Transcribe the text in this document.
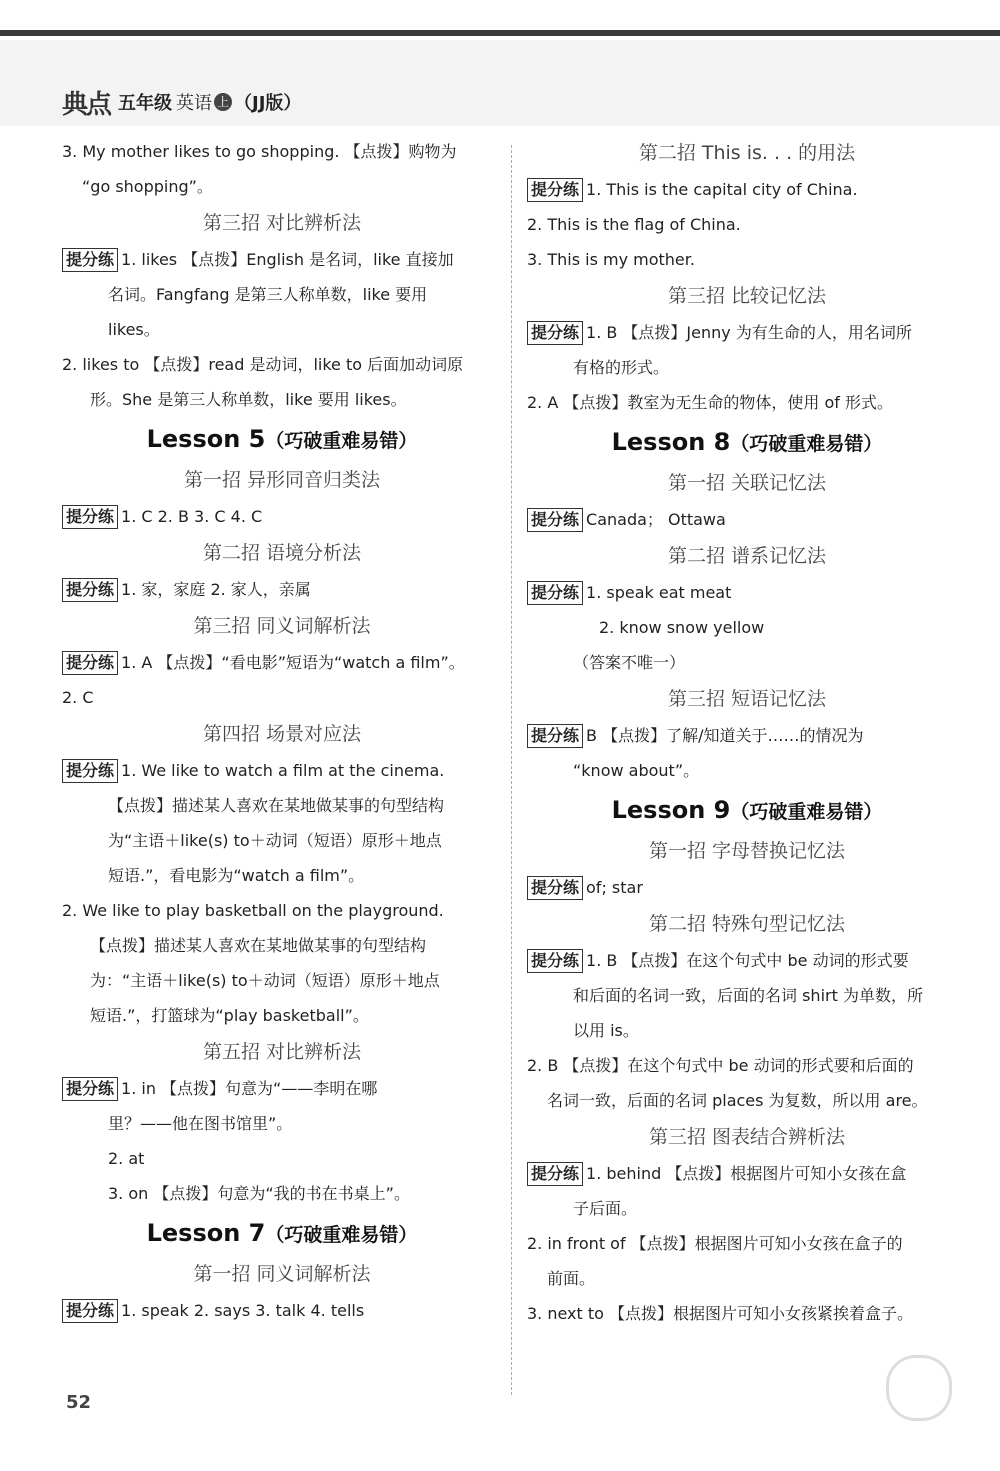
典点 五年级 英语 上 （JJ版）
3. My mother likes to go shopping. 【点拨】购物为
“go shopping”。
第三招 对比辨析法
提分练 1. likes 【点拨】English 是名词，like 直接加
名词。Fangfang 是第三人称单数，like 要用
likes。
2. likes to 【点拨】read 是动词，like to 后面加动词原
形。She 是第三人称单数，like 要用 likes。
Lesson 5（巧破重难易错）
第一招 异形同音归类法
提分练 1. C 2. B 3. C 4. C
第二招 语境分析法
提分练 1. 家，家庭 2. 家人，亲属
第三招 同义词解析法
提分练 1. A 【点拨】“看电影”短语为“watch a film”。
2. C
第四招 场景对应法
提分练 1. We like to watch a film at the cinema.
【点拨】描述某人喜欢在某地做某事的句型结构
为“主语＋like(s) to＋动词（短语）原形＋地点
短语.”，看电影为“watch a film”。
2. We like to play basketball on the playground.
【点拨】描述某人喜欢在某地做某事的句型结构
为：“主语＋like(s) to＋动词（短语）原形＋地点
短语.”，打篮球为“play basketball”。
第五招 对比辨析法
提分练 1. in 【点拨】句意为“——李明在哪
里？——他在图书馆里”。
2. at
3. on 【点拨】句意为“我的书在书桌上”。
Lesson 7（巧破重难易错）
第一招 同义词解析法
提分练 1. speak 2. says 3. talk 4. tells
第二招 This is. . . 的用法
提分练 1. This is the capital city of China.
2. This is the flag of China.
3. This is my mother.
第三招 比较记忆法
提分练 1. B 【点拨】Jenny 为有生命的人，用名词所
有格的形式。
2. A 【点拨】教室为无生命的物体，使用 of 形式。
Lesson 8（巧破重难易错）
第一招 关联记忆法
提分练 Canada； Ottawa
第二招 谱系记忆法
提分练 1. speak eat meat
2. know snow yellow
（答案不唯一）
第三招 短语记忆法
提分练 B 【点拨】了解/知道关于……的情况为
“know about”。
Lesson 9（巧破重难易错）
第一招 字母替换记忆法
提分练 of; star
第二招 特殊句型记忆法
提分练 1. B 【点拨】在这个句式中 be 动词的形式要
和后面的名词一致，后面的名词 shirt 为单数，所
以用 is。
2. B 【点拨】在这个句式中 be 动词的形式要和后面的
名词一致，后面的名词 places 为复数，所以用 are。
第三招 图表结合辨析法
提分练 1. behind 【点拨】根据图片可知小女孩在盒
子后面。
2. in front of 【点拨】根据图片可知小女孩在盒子的
前面。
3. next to 【点拨】根据图片可知小女孩紧挨着盒子。
52
